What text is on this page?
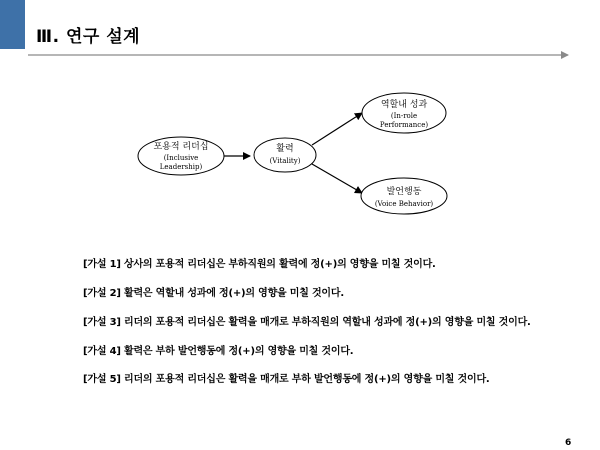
Ⅲ. 연구 설계
포용적 리더십
(Inclusive
Leadership)
활력
(Vitality)
역할내 성과
(In-role
Performance)
발언행동
(Voice Behavior)
[가설 1] 상사의 포용적 리더십은 부하직원의 활력에 정(+)의 영향을 미칠 것이다.
[가설 2] 활력은 역할내 성과에 정(+)의 영향을 미칠 것이다.
[가설 3] 리더의 포용적 리더십은 활력을 매개로 부하직원의 역할내 성과에 정(+)의 영향을 미칠 것이다.
[가설 4] 활력은 부하 발언행동에 정(+)의 영향을 미칠 것이다.
[가설 5] 리더의 포용적 리더십은 활력을 매개로 부하 발언행동에 정(+)의 영향을 미칠 것이다.
6
